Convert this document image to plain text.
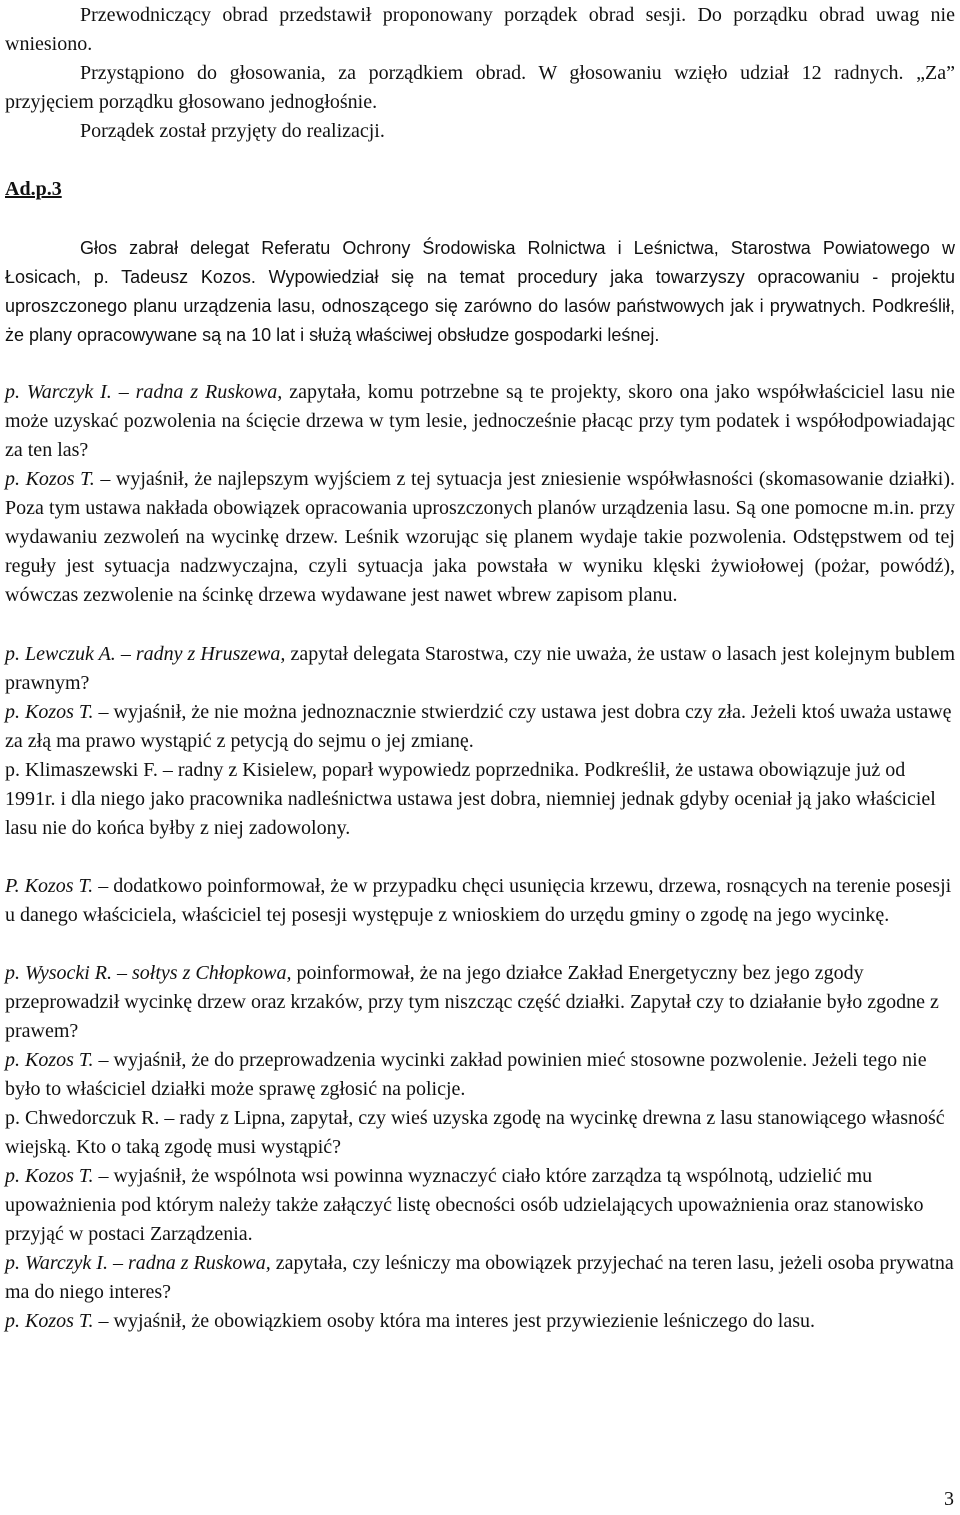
Przewodniczący obrad przedstawił proponowany porządek obrad sesji. Do porządku obrad uwag nie wniesiono.

Przystąpiono do głosowania, za porządkiem obrad. W głosowaniu wzięło udział 12 radnych. „Za” przyjęciem porządku głosowano jednogłośnie.

Porządek został przyjęty do realizacji.

Ad.p.3

Głos zabrał delegat Referatu Ochrony Środowiska Rolnictwa i Leśnictwa, Starostwa Powiatowego w Łosicach, p. Tadeusz Kozos. Wypowiedział się na temat procedury jaka towarzyszy opracowaniu - projektu uproszczonego planu urządzenia lasu, odnoszącego się zarówno do lasów państwowych jak i prywatnych. Podkreślił, że plany opracowywane są na 10 lat i służą właściwej obsłudze gospodarki leśnej.

p. Warczyk I. – radna z Ruskowa, zapytała, komu potrzebne są te projekty, skoro ona jako współwłaściciel lasu nie może uzyskać pozwolenia na ścięcie drzewa w tym lesie, jednocześnie płacąc przy tym podatek i współodpowiadając za ten las?

p. Kozos T. – wyjaśnił, że najlepszym wyjściem z tej sytuacja jest zniesienie współwłasności (skomasowanie działki). Poza tym ustawa nakłada obowiązek opracowania uproszczonych planów urządzenia lasu. Są one pomocne m.in. przy wydawaniu zezwoleń na wycinkę drzew. Leśnik wzorując się planem wydaje takie pozwolenia. Odstępstwem od tej reguły jest sytuacja nadzwyczajna, czyli sytuacja jaka powstała w wyniku klęski żywiołowej (pożar, powódź), wówczas zezwolenie na ścinkę drzewa wydawane jest nawet wbrew zapisom planu.

p. Lewczuk A. – radny z Hruszewa, zapytał delegata Starostwa, czy nie uważa, że ustaw o lasach jest kolejnym bublem prawnym?

p. Kozos T. – wyjaśnił, że nie można jednoznacznie stwierdzić czy ustawa jest dobra czy zła. Jeżeli ktoś uważa ustawę za złą ma prawo wystąpić z petycją do sejmu o jej zmianę.

p. Klimaszewski F. – radny z Kisielew, poparł wypowiedz poprzednika. Podkreślił, że ustawa obowiązuje już od 1991r. i dla niego jako pracownika nadleśnictwa ustawa jest dobra, niemniej jednak gdyby oceniał ją jako właściciel lasu nie do końca byłby z niej zadowolony.

P. Kozos T. – dodatkowo poinformował, że w przypadku chęci usunięcia krzewu, drzewa, rosnących na terenie posesji u danego właściciela, właściciel tej posesji występuje z wnioskiem do urzędu gminy o zgodę na jego wycinkę.

p. Wysocki R. – sołtys z Chłopkowa, poinformował, że na jego działce Zakład Energetyczny bez jego zgody przeprowadził wycinkę drzew oraz krzaków, przy tym niszcząc część działki. Zapytał czy to działanie było zgodne z prawem?

p. Kozos T. – wyjaśnił, że do przeprowadzenia wycinki zakład powinien mieć stosowne pozwolenie. Jeżeli tego nie było to właściciel działki może sprawę zgłosić na policje.

p. Chwedorczuk R. – rady z Lipna, zapytał, czy wieś uzyska zgodę na wycinkę drewna z lasu stanowiącego własność wiejską. Kto o taką zgodę musi wystąpić?

p. Kozos T. – wyjaśnił, że wspólnota wsi powinna wyznaczyć ciało które zarządza tą wspólnotą, udzielić mu upoważnienia pod którym należy także załączyć listę obecności osób udzielających upoważnienia oraz stanowisko przyjąć w postaci Zarządzenia.

p. Warczyk I. – radna z Ruskowa, zapytała, czy leśniczy ma obowiązek przyjechać na teren lasu, jeżeli osoba prywatna ma do niego interes?

p. Kozos T. – wyjaśnił, że obowiązkiem osoby która ma interes jest przywiezienie leśniczego do lasu.

3
